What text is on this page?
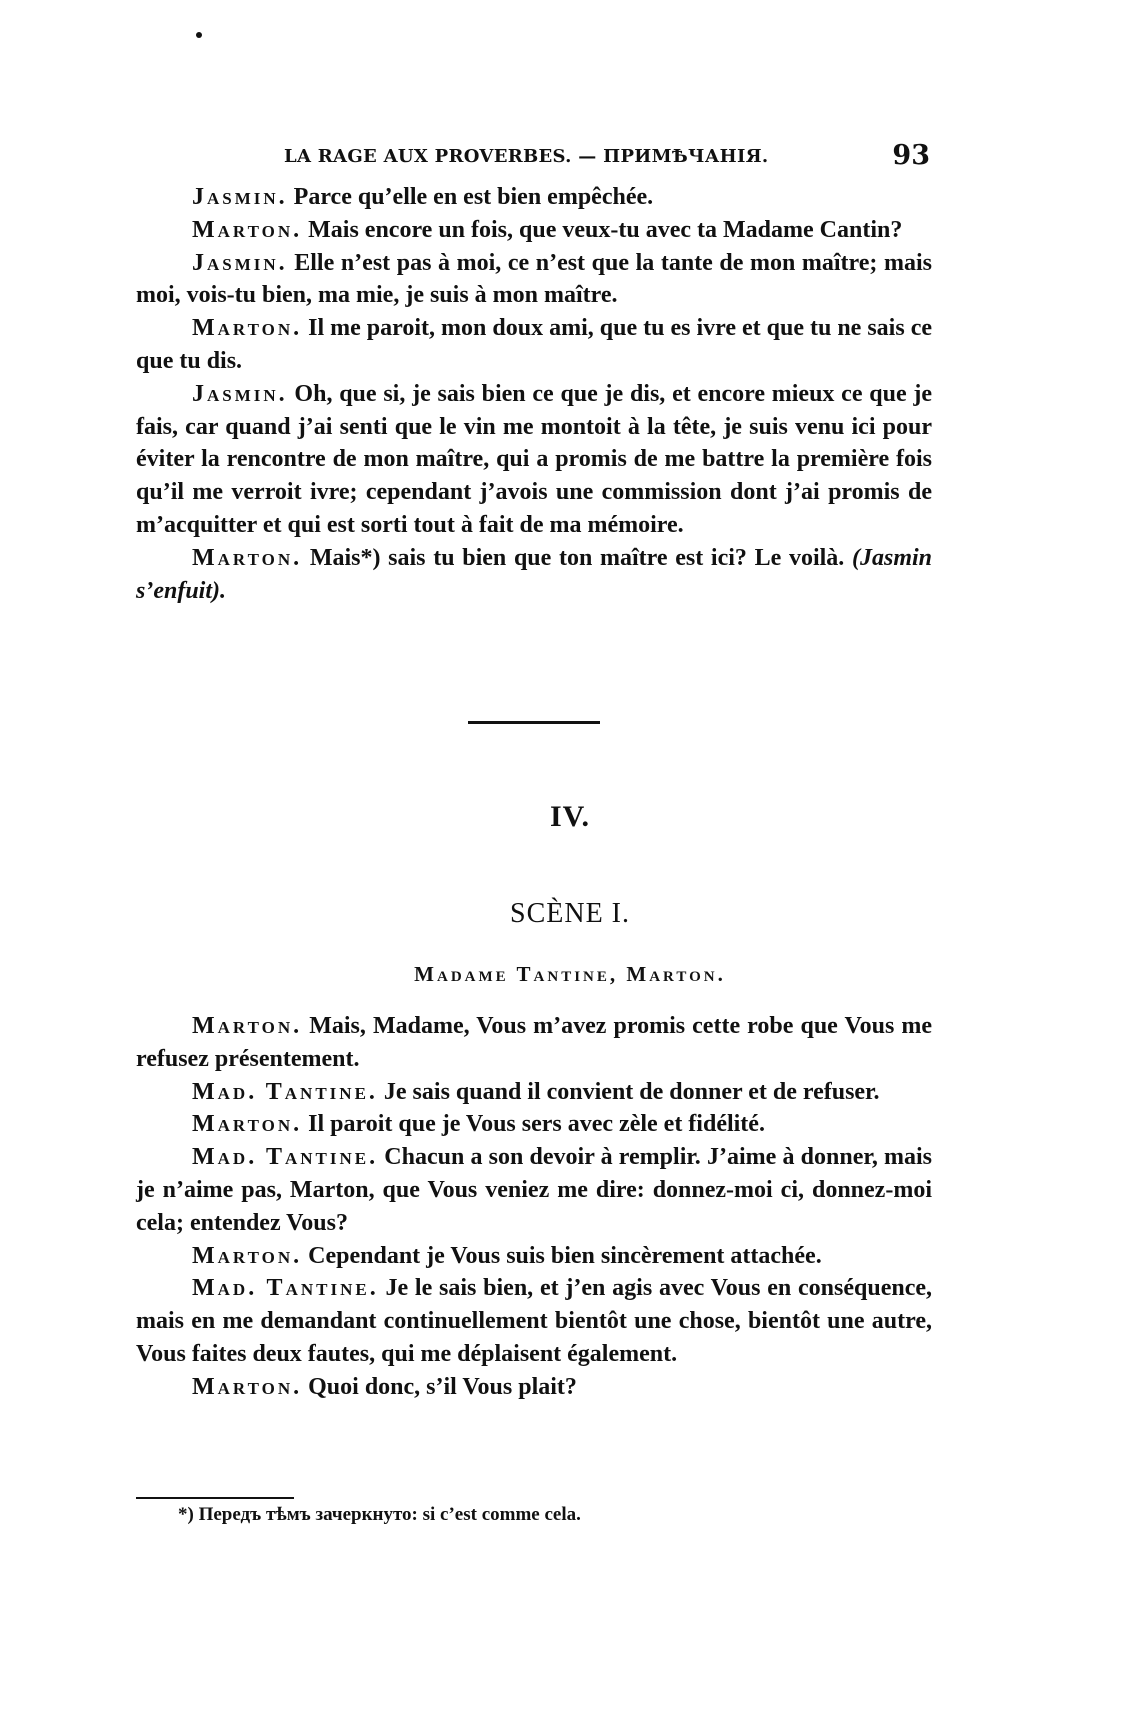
LA RAGE AUX PROVERBES. — ПРИМѢЧАНІЯ.	93

Jasmin. Parce qu’elle en est bien empêchée.

Marton. Mais encore un fois, que veux-tu avec ta Madame Cantin?

Jasmin. Elle n’est pas à moi, ce n’est que la tante de mon maître; mais moi, vois-tu bien, ma mie, je suis à mon maître.

Marton. Il me paroit, mon doux ami, que tu es ivre et que tu ne sais ce que tu dis.

Jasmin. Oh, que si, je sais bien ce que je dis, et encore mieux ce que je fais, car quand j’ai senti que le vin me montoit à la tête, je suis venu ici pour éviter la rencontre de mon maître, qui a promis de me battre la première fois qu’il me verroit ivre; cependant j’avois une commission dont j’ai promis de m’acquitter et qui est sorti tout à fait de ma mémoire.

Marton. Mais*) sais tu bien que ton maître est ici? Le voilà. (Jasmin s’enfuit).

IV.
SCÈNE I.
Madame Tantine, Marton.

Marton. Mais, Madame, Vous m’avez promis cette robe que Vous me refusez présentement.

Mad. Tantine. Je sais quand il convient de donner et de refuser.

Marton. Il paroit que je Vous sers avec zèle et fidélité.

Mad. Tantine. Chacun a son devoir à remplir. J’aime à donner, mais je n’aime pas, Marton, que Vous veniez me dire: donnez-moi ci, donnez-moi cela; entendez Vous?

Marton. Cependant je Vous suis bien sincèrement attachée.

Mad. Tantine. Je le sais bien, et j’en agis avec Vous en conséquence, mais en me demandant continuellement bientôt une chose, bientôt une autre, Vous faites deux fautes, qui me déplaisent également.

Marton. Quoi donc, s’il Vous plait?

*) Передъ тѣмъ зачеркнуто: si c’est comme cela.
